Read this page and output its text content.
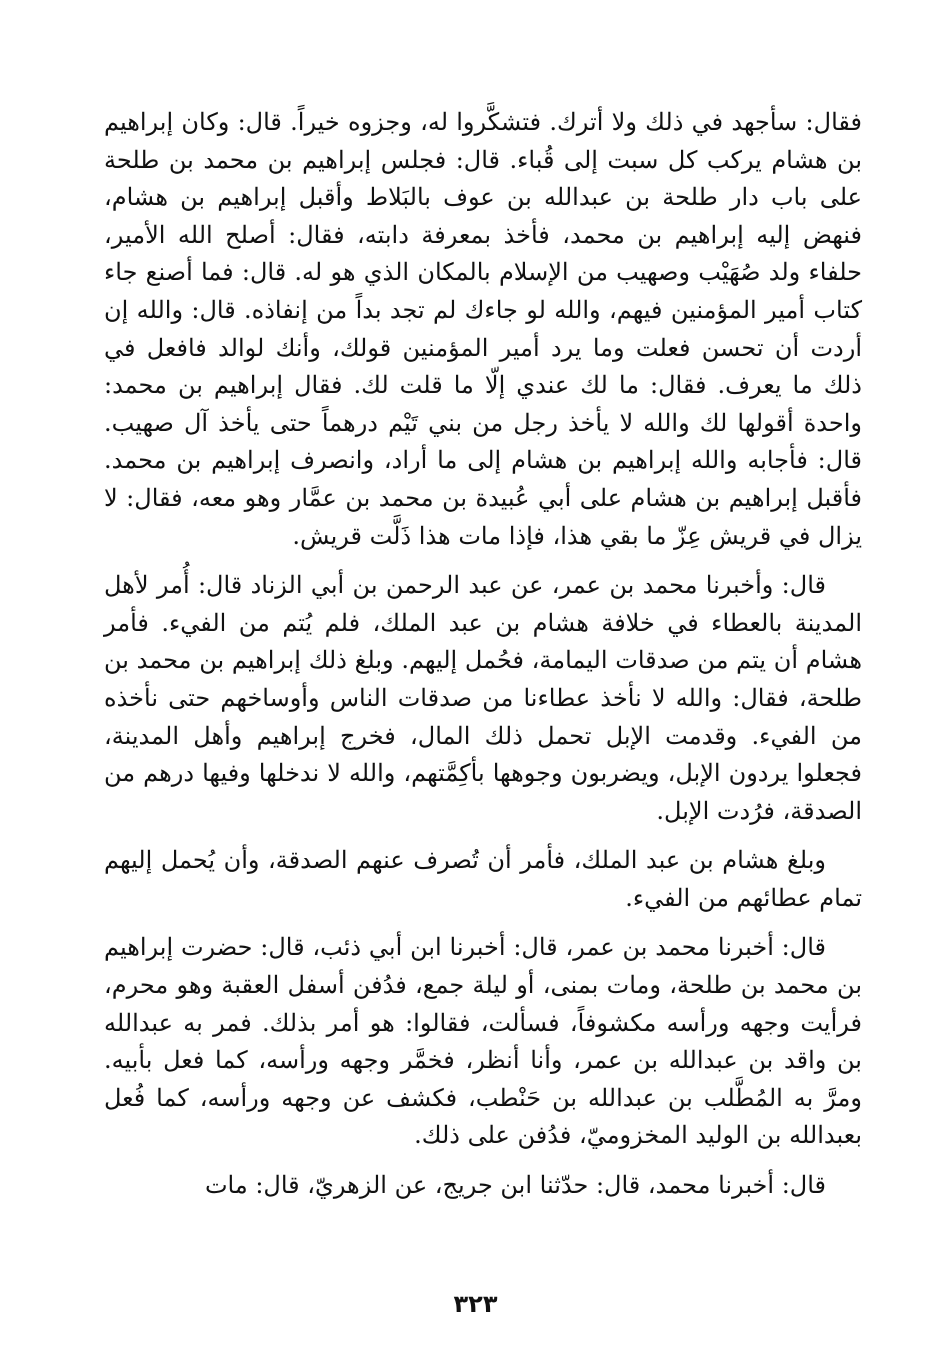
فقال: سأجهد في ذلك ولا أترك. فتشكَّروا له، وجزوه خيراً. قال: وكان إبراهيم بن هشام يركب كل سبت إلى قُباء. قال: فجلس إبراهيم بن محمد بن طلحة على باب دار طلحة بن عبدالله بن عوف بالبَلاط وأقبل إبراهيم بن هشام، فنهض إليه إبراهيم بن محمد، فأخذ بمعرفة دابته، فقال: أصلح الله الأمير، حلفاء ولد صُهَيْب وصهيب من الإسلام بالمكان الذي هو له. قال: فما أصنع جاء كتاب أمير المؤمنين فيهم، والله لو جاءك لم تجد بداً من إنفاذه. قال: والله إن أردت أن تحسن فعلت وما يرد أمير المؤمنين قولك، وأنك لوالد فافعل في ذلك ما يعرف. فقال: ما لك عندي إلّا ما قلت لك. فقال إبراهيم بن محمد: واحدة أقولها لك والله لا يأخذ رجل من بني تَيْم درهماً حتى يأخذ آل صهيب. قال: فأجابه والله إبراهيم بن هشام إلى ما أراد، وانصرف إبراهيم بن محمد. فأقبل إبراهيم بن هشام على أبي عُبيدة بن محمد بن عمَّار وهو معه، فقال: لا يزال في قريش عِزّ ما بقي هذا، فإذا مات هذا ذَلَّت قريش.

قال: وأخبرنا محمد بن عمر، عن عبد الرحمن بن أبي الزناد قال: أُمر لأهل المدينة بالعطاء في خلافة هشام بن عبد الملك، فلم يُتم من الفيء. فأمر هشام أن يتم من صدقات اليمامة، فحُمل إليهم. وبلغ ذلك إبراهيم بن محمد بن طلحة، فقال: والله لا نأخذ عطاءنا من صدقات الناس وأوساخهم حتى نأخذه من الفيء. وقدمت الإبل تحمل ذلك المال، فخرج إبراهيم وأهل المدينة، فجعلوا يردون الإبل، ويضربون وجوهها بأكِمَّتهم، والله لا ندخلها وفيها درهم من الصدقة، فرُدت الإبل.

وبلغ هشام بن عبد الملك، فأمر أن تُصرف عنهم الصدقة، وأن يُحمل إليهم تمام عطائهم من الفيء.

قال: أخبرنا محمد بن عمر، قال: أخبرنا ابن أبي ذئب، قال: حضرت إبراهيم بن محمد بن طلحة، ومات بمنى، أو ليلة جمع، فدُفن أسفل العقبة وهو محرم، فرأيت وجهه ورأسه مكشوفاً، فسألت، فقالوا: هو أمر بذلك. فمر به عبدالله بن واقد بن عبدالله بن عمر، وأنا أنظر، فخمَّر وجهه ورأسه، كما فعل بأبيه. ومرَّ به المُطَّلب بن عبدالله بن حَنْطب، فكشف عن وجهه ورأسه، كما فُعل بعبدالله بن الوليد المخزوميّ، فدُفن على ذلك.

قال: أخبرنا محمد، قال: حدّثنا ابن جريج، عن الزهريّ، قال: مات

٣٢٣
